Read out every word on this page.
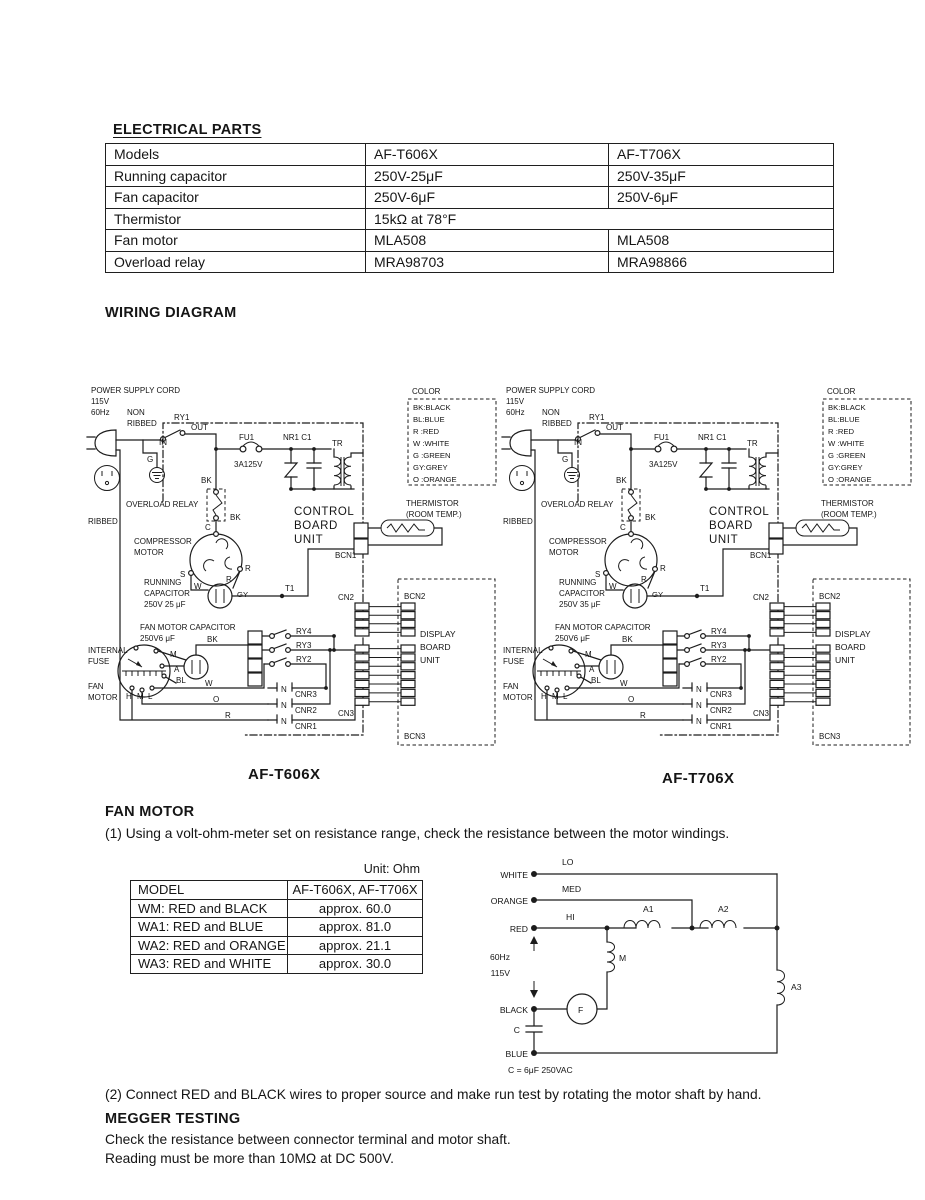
ELECTRICAL PARTS
Models	AF-T606X	AF-T706X
Running capacitor	250V-25μF	250V-35μF
Fan capacitor	250V-6μF	250V-6μF
Thermistor	15kΩ at 78°F	
Fan motor	MLA508	MLA508
Overload relay	MRA98703	MRA98866
WIRING DIAGRAM
POWER SUPPLY CORD
115V
60Hz NON
RIBBED
RY1
OUT
IN
FU1
3A125V
NR1 C1
TR
G
RIBBED
BK
OVERLOAD RELAY
BK
C
COMPRESSOR
MOTOR
S
R
RUNNING
CAPACITOR
250V 25 μF
W
R
GY
T1
CONTROL
BOARD
UNIT
BCN1
COLOR
BK:BLACK
BL:BLUE
R :RED
W :WHITE
G :GREEN
GY:GREY
O :ORANGE
THERMISTOR
(ROOM TEMP.)
CN2	BCN2
DISPLAY
BOARD
UNIT
CN3
BCN3
FAN MOTOR CAPACITOR
250V6 μF
INTERNAL
FUSE
FAN
MOTOR H M L
M
A
BL
BK
W
O
R
RY4
RY3
RY2
N
CNR3
N
CNR2
N
CNR1
POWER SUPPLY CORD
115V
60Hz NON
RIBBED
RY1
OUT
IN
FU1
3A125V
NR1 C1
TR
G
RIBBED
BK
OVERLOAD RELAY
BK
C
COMPRESSOR
MOTOR
S
R
RUNNING
CAPACITOR
250V 35 μF
W
R
GY
T1
CONTROL
BOARD
UNIT
BCN1
COLOR
BK:BLACK
BL:BLUE
R :RED
W :WHITE
G :GREEN
GY:GREY
O :ORANGE
THERMISTOR
(ROOM TEMP.)
CN2	BCN2
DISPLAY
BOARD
UNIT
CN3
BCN3
FAN MOTOR CAPACITOR
250V6 μF
INTERNAL
FUSE
FAN
MOTOR H M L
M
A
BL
BK
W
O
R
RY4
RY3
RY2
N
CNR3
N
CNR2
N
CNR1
AF-T606X	AF-T706X
FAN MOTOR
(1) Using a volt-ohm-meter set on resistance range, check the resistance between the motor windings.
Unit: Ohm
MODEL	AF-T606X, AF-T706X
WM: RED and BLACK	approx. 60.0
WA1: RED and BLUE	approx. 81.0
WA2: RED and ORANGE	approx. 21.1
WA3: RED and WHITE	approx. 30.0
WHITE
ORANGE
RED
BLACK
BLUE
LO
MED
HI
A1	A2
A3
M
F
60Hz
115V
C
C = 6μF 250VAC
(2) Connect RED and BLACK wires to proper source and make run test by rotating the motor shaft by hand.
MEGGER TESTING
Check the resistance between connector terminal and motor shaft.
Reading must be more than 10MΩ at DC 500V.
